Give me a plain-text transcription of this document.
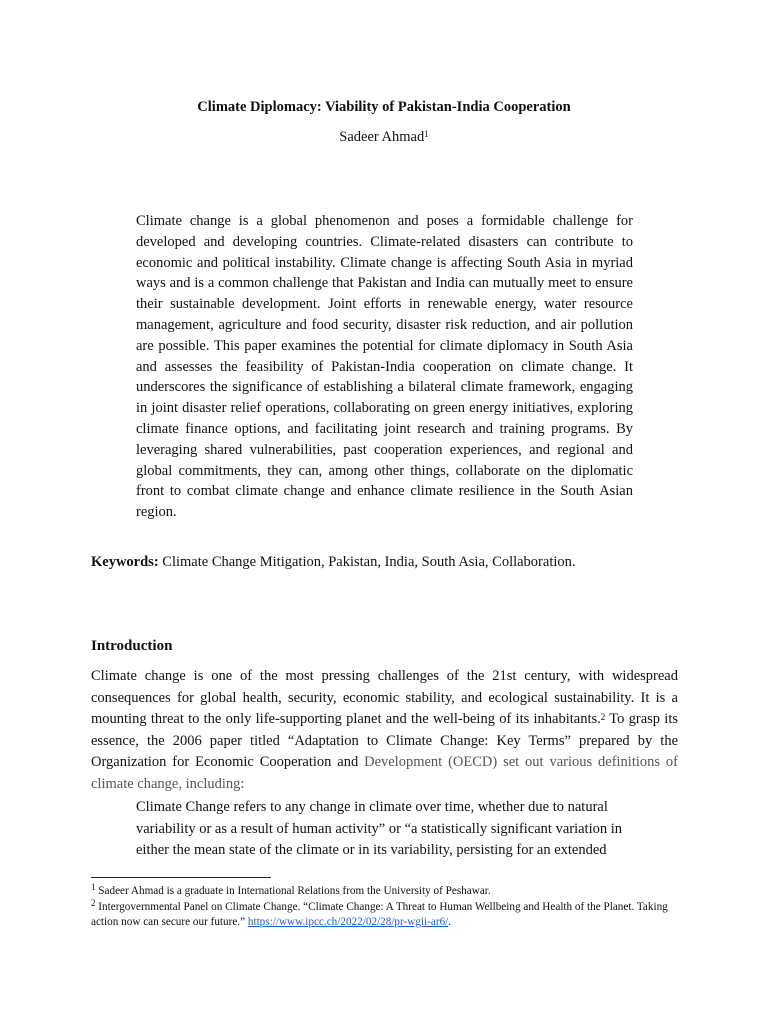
Climate Diplomacy: Viability of Pakistan-India Cooperation
Sadeer Ahmad$^1$

Climate change is a global phenomenon and poses a formidable challenge for developed and developing countries. Climate-related disasters can contribute to economic and political instability. Climate change is affecting South Asia in myriad ways and is a common challenge that Pakistan and India can mutually meet to ensure their sustainable development. Joint efforts in renewable energy, water resource management, agriculture and food security, disaster risk reduction, and air pollution are possible. This paper examines the potential for climate diplomacy in South Asia and assesses the feasibility of Pakistan-India cooperation on climate change. It underscores the significance of establishing a bilateral climate framework, engaging in joint disaster relief operations, collaborating on green energy initiatives, exploring climate finance options, and facilitating joint research and training programs. By leveraging shared vulnerabilities, past cooperation experiences, and regional and global commitments, they can, among other things, collaborate on the diplomatic front to combat climate change and enhance climate resilience in the South Asian region.

Keywords: Climate Change Mitigation, Pakistan, India, South Asia, Collaboration.

Introduction

Climate change is one of the most pressing challenges of the 21st century, with widespread consequences for global health, security, economic stability, and ecological sustainability. It is a mounting threat to the only life-supporting planet and the well-being of its inhabitants.$^2$ To grasp its essence, the 2006 paper titled “Adaptation to Climate Change: Key Terms” prepared by the Organization for Economic Cooperation and Development (OECD) set out various definitions of climate change, including:

Climate Change refers to any change in climate over time, whether due to natural variability or as a result of human activity” or “a statistically significant variation in either the mean state of the climate or in its variability, persisting for an extended

$^1$ Sadeer Ahmad is a graduate in International Relations from the University of Peshawar.

$^2$ Intergovernmental Panel on Climate Change. “Climate Change: A Threat to Human Wellbeing and Health of the Planet. Taking action now can secure our future.” https://www.ipcc.ch/2022/02/28/pr-wgii-ar6/.
